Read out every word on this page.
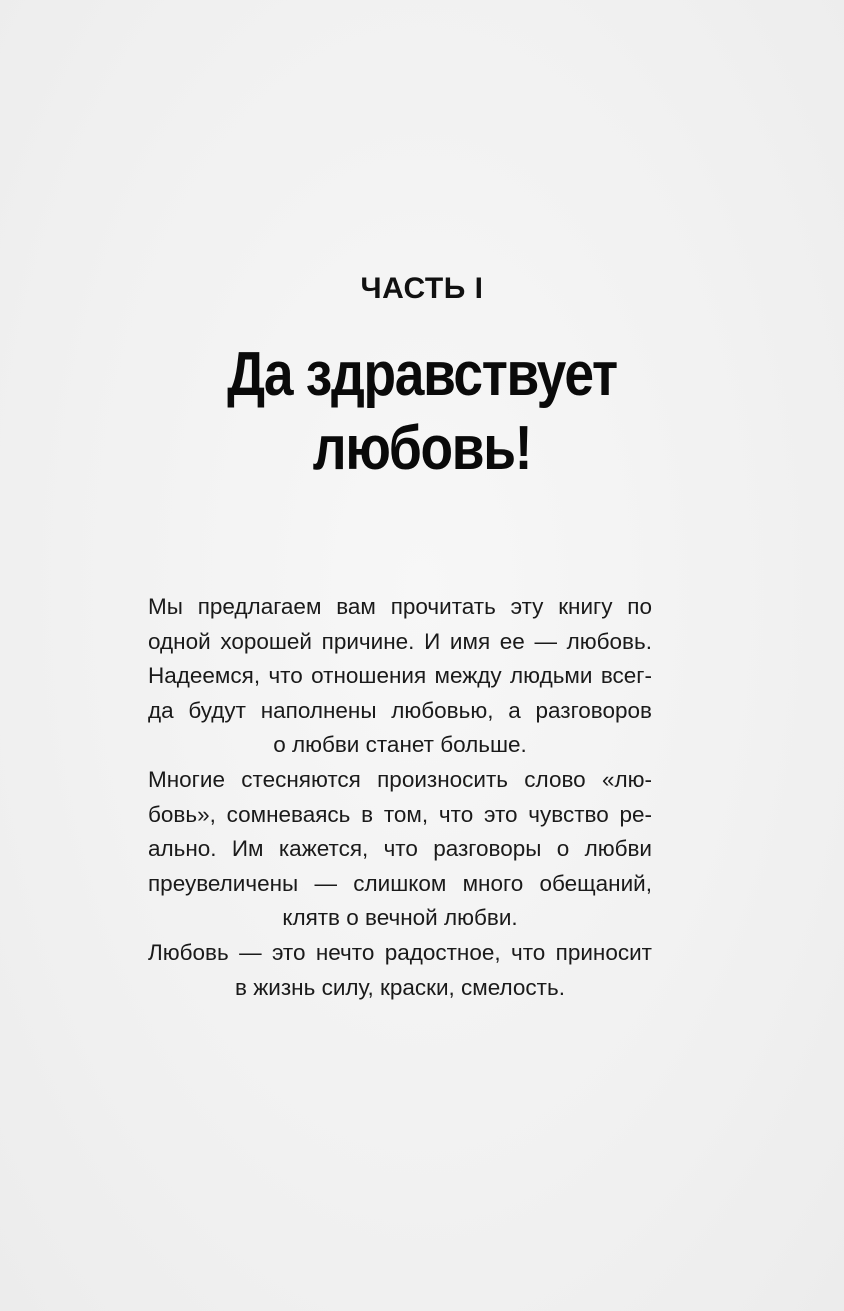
ЧАСТЬ I
Да здравствует
любовь!

Мы предлагаем вам прочитать эту книгу по
одной хорошей причине. И имя ее — любовь.
Надеемся, что отношения между людьми всег-
да будут наполнены любовью, а разговоров
о любви станет больше.

Многие стесняются произносить слово «лю-
бовь», сомневаясь в том, что это чувство ре-
ально. Им кажется, что разговоры о любви
преувеличены — слишком много обещаний,
клятв о вечной любви.

Любовь — это нечто радостное, что приносит
в жизнь силу, краски, смелость.
